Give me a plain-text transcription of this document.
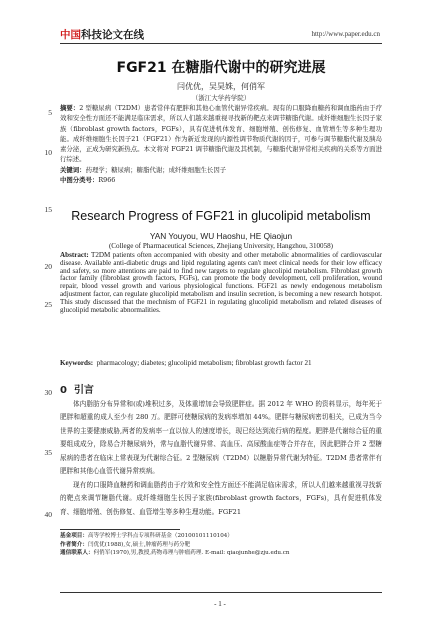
中国科技论文在线	http://www.paper.edu.cn
5
10
15
20
25
30
35
40
FGF21 在糖脂代谢中的研究进展
闫优优，吴昊姝，何俏军
（浙江大学药学院）
摘要：2 型糖尿病（T2DM）患者常伴有肥胖和其他心血管代谢异常疾病。现有的口服降血糖药和调血脂药由于疗效和安全性方面还不能满足临床需求，所以人们越来越重视寻找新的靶点来调节糖脂代谢。成纤维细胞生长因子家族（fibroblast growth factors，FGFs），具有促进机体发育、细胞增殖、创伤修复、血管增生等多种生理功能。成纤维细胞生长因子21（FGF21）作为新近发现的内源性调节物质代谢的因子，可参与调节糖脂代谢及胰岛素分泌，正成为研究新热点。本文将对 FGF21 调节糖脂代谢及其机制，与糖脂代谢异常相关疾病的关系等方面进行综述。
关键词：药理学；糖尿病；糖脂代谢；成纤维细胞生长因子
中图分类号：R966
Research Progress of FGF21 in glucolipid metabolism
YAN Youyou, WU Haoshu, HE Qiaojun
(College of Pharmaceutical Sciences, Zhejiang University, Hangzhou, 310058)
Abstract: T2DM patients often accompanied with obesity and other metabolic abnormalities of cardiovascular disease. Available anti-diabetic drugs and lipid regulating agents can't meet clinical needs for their low efficacy and safety, so more attentions are paid to find new targets to regulate glucolipid metabolism. Fibroblast growth factor family (fibroblast growth factors, FGFs), can promote the body development, cell proliferation, wound repair, blood vessel growth and various physiological functions. FGF21 as newly endogenous metabolism adjustment factor, can regulate glucolipid metabolism and insulin secretion, is becoming a new research hotspot. This study discussed that the mechnism of FGF21 in regulating glucolipid metabolism and related diseases of glucolipid metabolic abnormalities.
Keywords: pharmacology; diabetes; glucolipid metabolism; fibroblast growth factor 21
0 引言
体内脂肪分布异常和(或)堆积过多，及体重增加会导致肥胖症。据 2012 年 WHO 的资料显示，每年死于肥胖和超重的成人至少有 280 万。肥胖可使糖尿病的发病率增加 44%。肥胖与糖尿病密切相关，已成为当今世界的主要健康威胁,两者的发病率一直以惊人的速度增长，现已经达到流行病的程度。肥胖是代谢综合征的重要组成成分，除易合并糖尿病外，常与血脂代谢异常、高血压、高尿酸血症等合并存在，因此肥胖合并 2 型糖尿病的患者在临床上常表现为代谢综合征。2 型糖尿病（T2DM）以糖脂异常代谢为特征。T2DM 患者常伴有肥胖和其他心血管代谢异常疾病。
现有的口服降血糖药和调血脂药由于疗效和安全性方面还不能满足临床需求，所以人们越来越重视寻找新的靶点来调节糖脂代谢。成纤维细胞生长因子家族(fibroblast growth factors，FGFs)，具有促进机体发育、细胞增殖、创伤修复、血管增生等多种生理功能。FGF21
基金项目：高等学校博士学科点专项科研基金（20100101110104）
作者简介：闫优优(1988),女,硕士,肿瘤药理与药分靶
通信联系人：何俏军(1970),男,教授,药物毒理与肿瘤药理. E-mail: qiaojunhe@zju.edu.cn
- 1 -
